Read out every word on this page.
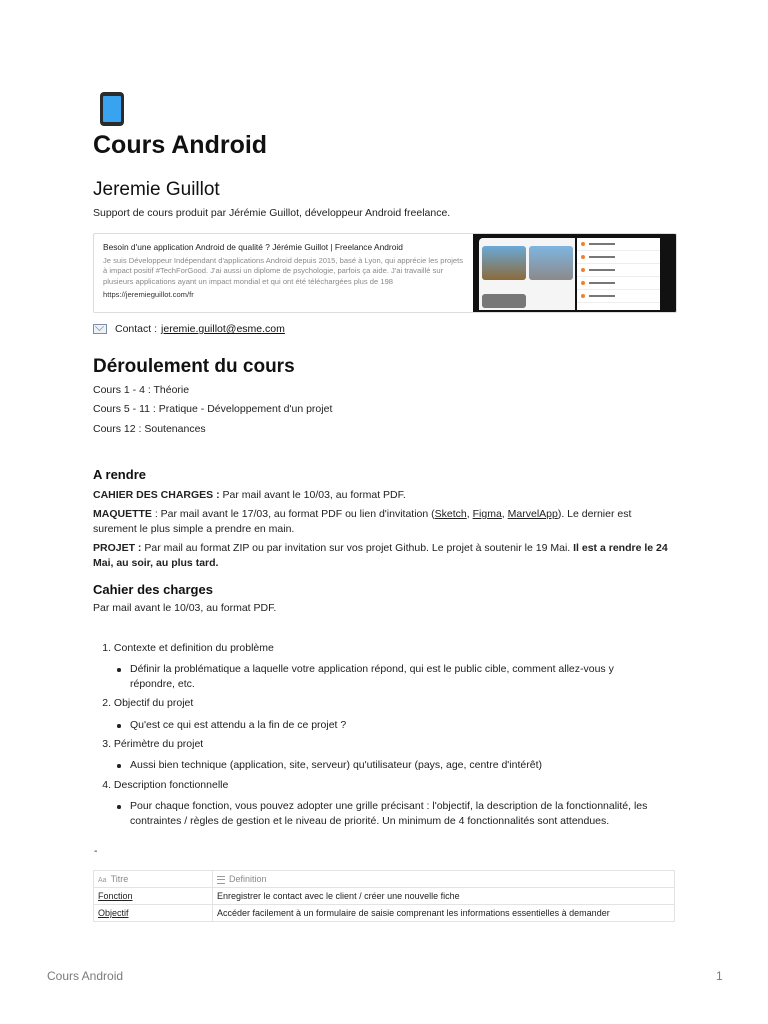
Cours Android
Jeremie Guillot

Support de cours produit par Jérémie Guillot, développeur Android freelance.

Besoin d'une application Android de qualité ? Jérémie Guillot | Freelance Android

Je suis Développeur Indépendant d'applications Android depuis 2015, basé à Lyon, qui apprécie les projets à impact positif #TechForGood. J'ai aussi un diplome de psychologie, parfois ça aide. J'ai travaillé sur plusieurs applications ayant un impact mondial et qui ont été téléchargées plus de 198

https://jeremieguillot.com/fr

Contact : jeremie.guillot@esme.com
Déroulement du cours

Cours 1 - 4 : Théorie

Cours 5 - 11 : Pratique - Développement d'un projet

Cours 12 : Soutenances

A rendre

CAHIER DES CHARGES : Par mail avant le 10/03, au format PDF.

MAQUETTE : Par mail avant le 17/03, au format PDF ou lien d'invitation (Sketch, Figma, MarvelApp). Le dernier est surement le plus simple a prendre en main.

PROJET : Par mail au format ZIP ou par invitation sur vos projet Github. Le projet à soutenir le 19 Mai. Il est a rendre le 24 Mai, au soir, au plus tard.

Cahier des charges

Par mail avant le 10/03, au format PDF.

1. Contexte et definition du problème
Définir la problématique a laquelle votre application répond, qui est le public cible, comment allez-vous y répondre, etc.
2. Objectif du projet
Qu'est ce qui est attendu a la fin de ce projet ?
3. Périmètre du projet
Aussi bien technique (application, site, serveur) qu'utilisateur (pays, age, centre d'intérêt)
4. Description fonctionnelle
Pour chaque fonction, vous pouvez adopter une grille précisant : l'objectif, la description de la fonctionnalité, les contraintes / règles de gestion et le niveau de priorité. Un minimum de 4 fonctionnalités sont attendues.
-
Aa Titre	Definition
Fonction	Enregistrer le contact avec le client / créer une nouvelle fiche
Objectif	Accéder facilement à un formulaire de saisie comprenant les informations essentielles à demander
Cours Android	1
